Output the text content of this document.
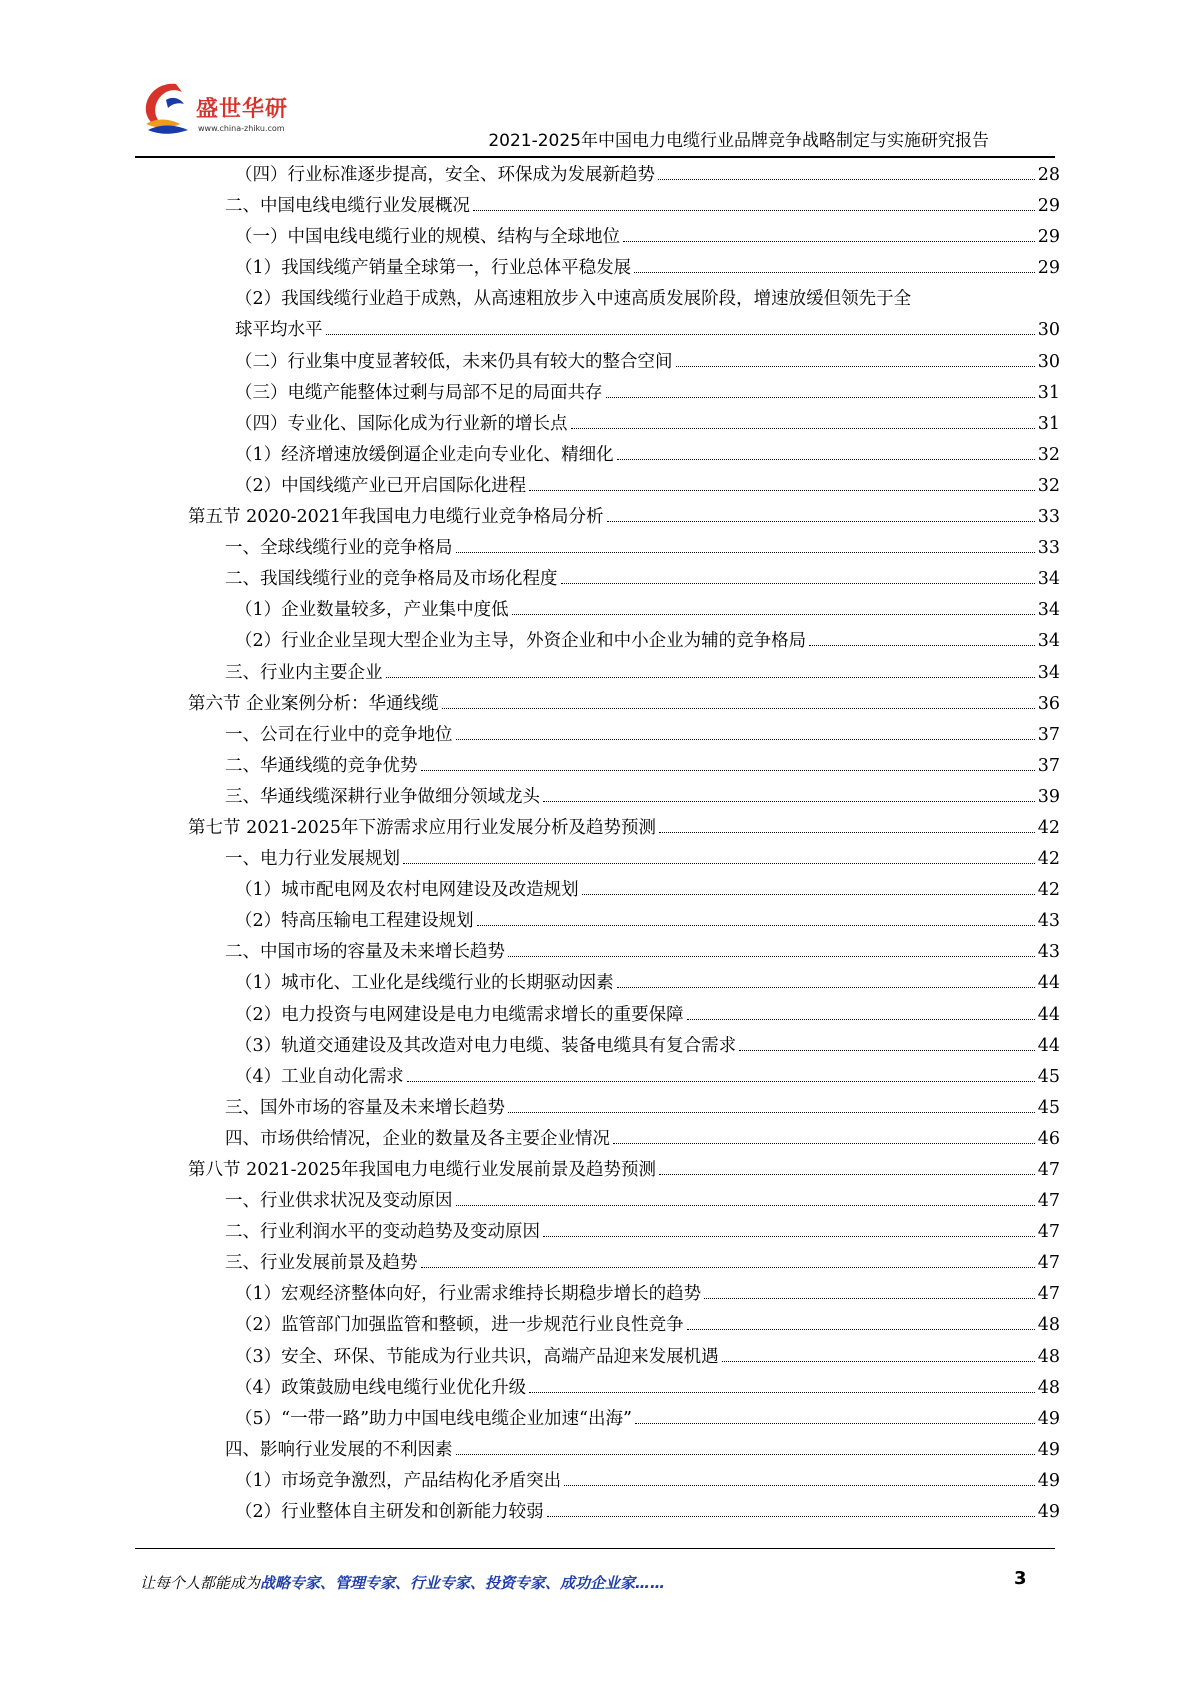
盛世华研
www.china-zhiku.com
2021-2025年中国电力电缆行业品牌竞争战略制定与实施研究报告
（四）行业标准逐步提高，安全、环保成为发展新趋势	28
二、中国电线电缆行业发展概况	29
（一）中国电线电缆行业的规模、结构与全球地位	29
（1）我国线缆产销量全球第一，行业总体平稳发展	29
（2）我国线缆行业趋于成熟，从高速粗放步入中速高质发展阶段，增速放缓但领先于全
球平均水平	30
（二）行业集中度显著较低，未来仍具有较大的整合空间	30
（三）电缆产能整体过剩与局部不足的局面共存	31
（四）专业化、国际化成为行业新的增长点	31
（1）经济增速放缓倒逼企业走向专业化、精细化	32
（2）中国线缆产业已开启国际化进程	32
第五节 2020-2021年我国电力电缆行业竞争格局分析	33
一、全球线缆行业的竞争格局	33
二、我国线缆行业的竞争格局及市场化程度	34
（1）企业数量较多，产业集中度低	34
（2）行业企业呈现大型企业为主导，外资企业和中小企业为辅的竞争格局	34
三、行业内主要企业	34
第六节 企业案例分析：华通线缆	36
一、公司在行业中的竞争地位	37
二、华通线缆的竞争优势	37
三、华通线缆深耕行业争做细分领域龙头	39
第七节 2021-2025年下游需求应用行业发展分析及趋势预测	42
一、电力行业发展规划	42
（1）城市配电网及农村电网建设及改造规划	42
（2）特高压输电工程建设规划	43
二、中国市场的容量及未来增长趋势	43
（1）城市化、工业化是线缆行业的长期驱动因素	44
（2）电力投资与电网建设是电力电缆需求增长的重要保障	44
（3）轨道交通建设及其改造对电力电缆、装备电缆具有复合需求	44
（4）工业自动化需求	45
三、国外市场的容量及未来增长趋势	45
四、市场供给情况，企业的数量及各主要企业情况	46
第八节 2021-2025年我国电力电缆行业发展前景及趋势预测	47
一、行业供求状况及变动原因	47
二、行业利润水平的变动趋势及变动原因	47
三、行业发展前景及趋势	47
（1）宏观经济整体向好，行业需求维持长期稳步增长的趋势	47
（2）监管部门加强监管和整顿，进一步规范行业良性竞争	48
（3）安全、环保、节能成为行业共识，高端产品迎来发展机遇	48
（4）政策鼓励电线电缆行业优化升级	48
（5）“一带一路”助力中国电线电缆企业加速“出海”	49
四、影响行业发展的不利因素	49
（1）市场竞争激烈，产品结构化矛盾突出	49
（2）行业整体自主研发和创新能力较弱	49
让每个人都能成为战略专家、管理专家、行业专家、投资专家、成功企业家……	3
